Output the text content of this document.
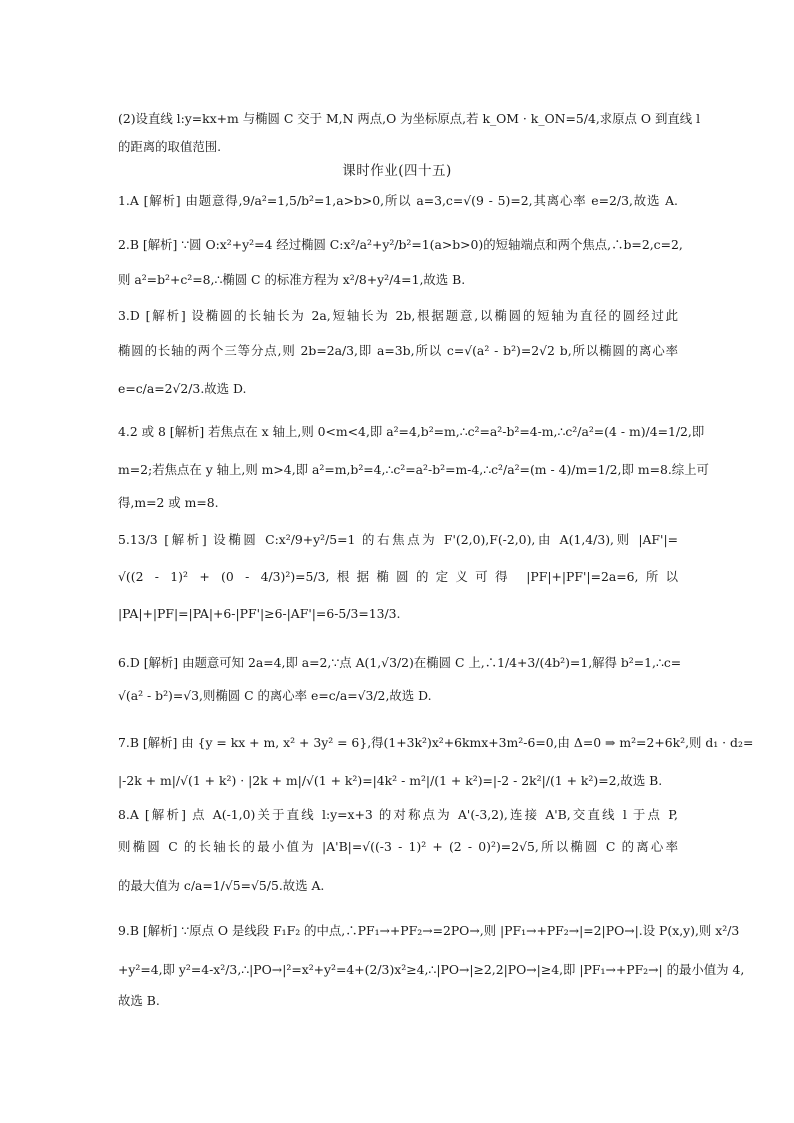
(2)设直线 l:y=kx+m 与椭圆 C 交于 M,N 两点,O 为坐标原点,若 k_OM · k_ON=5/4,求原点 O 到直线 l
的距离的取值范围.
课时作业(四十五)
1.A [解析] 由题意得,9/a²=1,5/b²=1,a>b>0,所以 a=3,c=√(9 - 5)=2,其离心率 e=2/3,故选 A.
2.B [解析] ∵圆 O:x²+y²=4 经过椭圆 C:x²/a²+y²/b²=1(a>b>0)的短轴端点和两个焦点,∴b=2,c=2,
则 a²=b²+c²=8,∴椭圆 C 的标准方程为 x²/8+y²/4=1,故选 B.
3.D [解析] 设椭圆的长轴长为 2a,短轴长为 2b,根据题意,以椭圆的短轴为直径的圆经过此
椭圆的长轴的两个三等分点,则 2b=2a/3,即 a=3b,所以 c=√(a² - b²)=2√2 b,所以椭圆的离心率
e=c/a=2√2/3.故选 D.
4.2 或 8 [解析] 若焦点在 x 轴上,则 0<m<4,即 a²=4,b²=m,∴c²=a²-b²=4-m,∴c²/a²=(4 - m)/4=1/2,即
m=2;若焦点在 y 轴上,则 m>4,即 a²=m,b²=4,∴c²=a²-b²=m-4,∴c²/a²=(m - 4)/m=1/2,即 m=8.综上可
得,m=2 或 m=8.
5.13/3 [解析] 设椭圆 C:x²/9+y²/5=1 的右焦点为 F'(2,0),F(-2,0),由 A(1,4/3),则 |AF'|=
√((2 - 1)² + (0 - 4/3)²)=5/3,根据椭圆的定义可得 |PF|+|PF'|=2a=6,所以
|PA|+|PF|=|PA|+6-|PF'|≥6-|AF'|=6-5/3=13/3.
6.D [解析] 由题意可知 2a=4,即 a=2,∵点 A(1,√3/2)在椭圆 C 上,∴1/4+3/(4b²)=1,解得 b²=1,∴c=
√(a² - b²)=√3,则椭圆 C 的离心率 e=c/a=√3/2,故选 D.
7.B [解析] 由 {y = kx + m, x² + 3y² = 6},得(1+3k²)x²+6kmx+3m²-6=0,由 Δ=0 ⇒ m²=2+6k²,则 d₁ · d₂=
|-2k + m|/√(1 + k²) · |2k + m|/√(1 + k²)=|4k² - m²|/(1 + k²)=|-2 - 2k²|/(1 + k²)=2,故选 B.
8.A [解析] 点 A(-1,0)关于直线 l:y=x+3 的对称点为 A'(-3,2),连接 A'B,交直线 l 于点 P,
则椭圆 C 的长轴长的最小值为 |A'B|=√((-3 - 1)² + (2 - 0)²)=2√5,所以椭圆 C 的离心率
的最大值为 c/a=1/√5=√5/5.故选 A.
9.B [解析] ∵原点 O 是线段 F₁F₂ 的中点,∴PF₁→+PF₂→=2PO→,则 |PF₁→+PF₂→|=2|PO→|.设 P(x,y),则 x²/3
+y²=4,即 y²=4-x²/3,∴|PO→|²=x²+y²=4+(2/3)x²≥4,∴|PO→|≥2,2|PO→|≥4,即 |PF₁→+PF₂→| 的最小值为 4,
故选 B.
